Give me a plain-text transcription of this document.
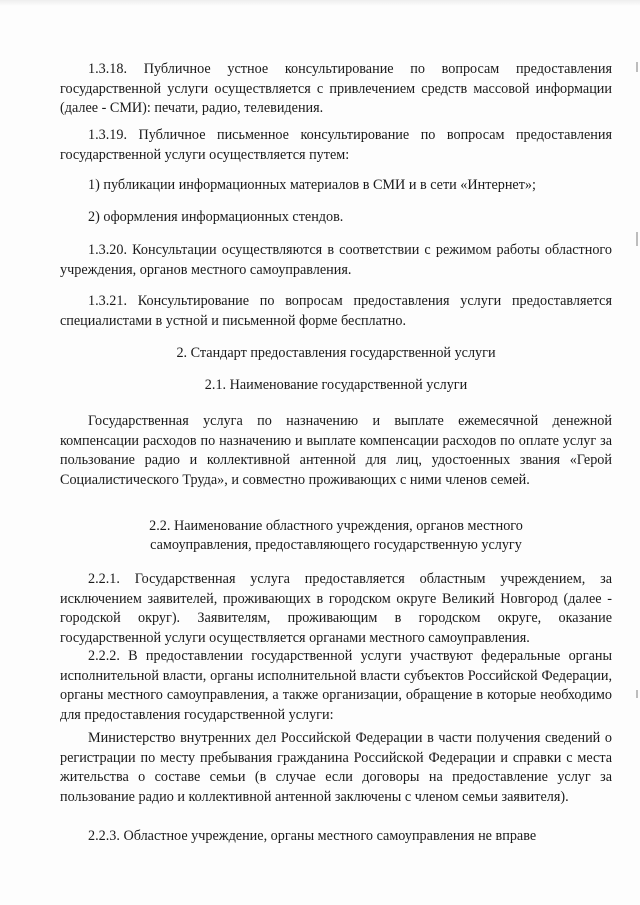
1.3.18. Публичное устное консультирование по вопросам предоставления государственной услуги осуществляется с привлечением средств массовой информации (далее - СМИ): печати, радио, телевидения.

1.3.19. Публичное письменное консультирование по вопросам предоставления государственной услуги осуществляется путем:

1) публикации информационных материалов в СМИ и в сети «Интернет»;

2) оформления информационных стендов.

1.3.20. Консультации осуществляются в соответствии с режимом работы областного учреждения, органов местного самоуправления.

1.3.21. Консультирование по вопросам предоставления услуги предоставляется специалистами в устной и письменной форме бесплатно.

2. Стандарт предоставления государственной услуги

2.1. Наименование государственной услуги

Государственная услуга по назначению и выплате ежемесячной денежной компенсации расходов по назначению и выплате компенсации расходов по оплате услуг за пользование радио и коллективной антенной для лиц, удостоенных звания «Герой Социалистического Труда», и совместно проживающих с ними членов семей.

2.2. Наименование областного учреждения, органов местного

самоуправления, предоставляющего государственную услугу

2.2.1. Государственная услуга предоставляется областным учреждением, за исключением заявителей, проживающих в городском округе Великий Новгород (далее - городской округ). Заявителям, проживающим в городском округе, оказание государственной услуги осуществляется органами местного самоуправления.

2.2.2. В предоставлении государственной услуги участвуют федеральные органы исполнительной власти, органы исполнительной власти субъектов Российской Федерации, органы местного самоуправления, а также организации, обращение в которые необходимо для предоставления государственной услуги:

Министерство внутренних дел Российской Федерации в части получения сведений о регистрации по месту пребывания гражданина Российской Федерации и справки с места жительства о составе семьи (в случае если договоры на предоставление услуг за пользование радио и коллективной антенной заключены с членом семьи заявителя).

2.2.3. Областное учреждение, органы местного самоуправления не вправе
